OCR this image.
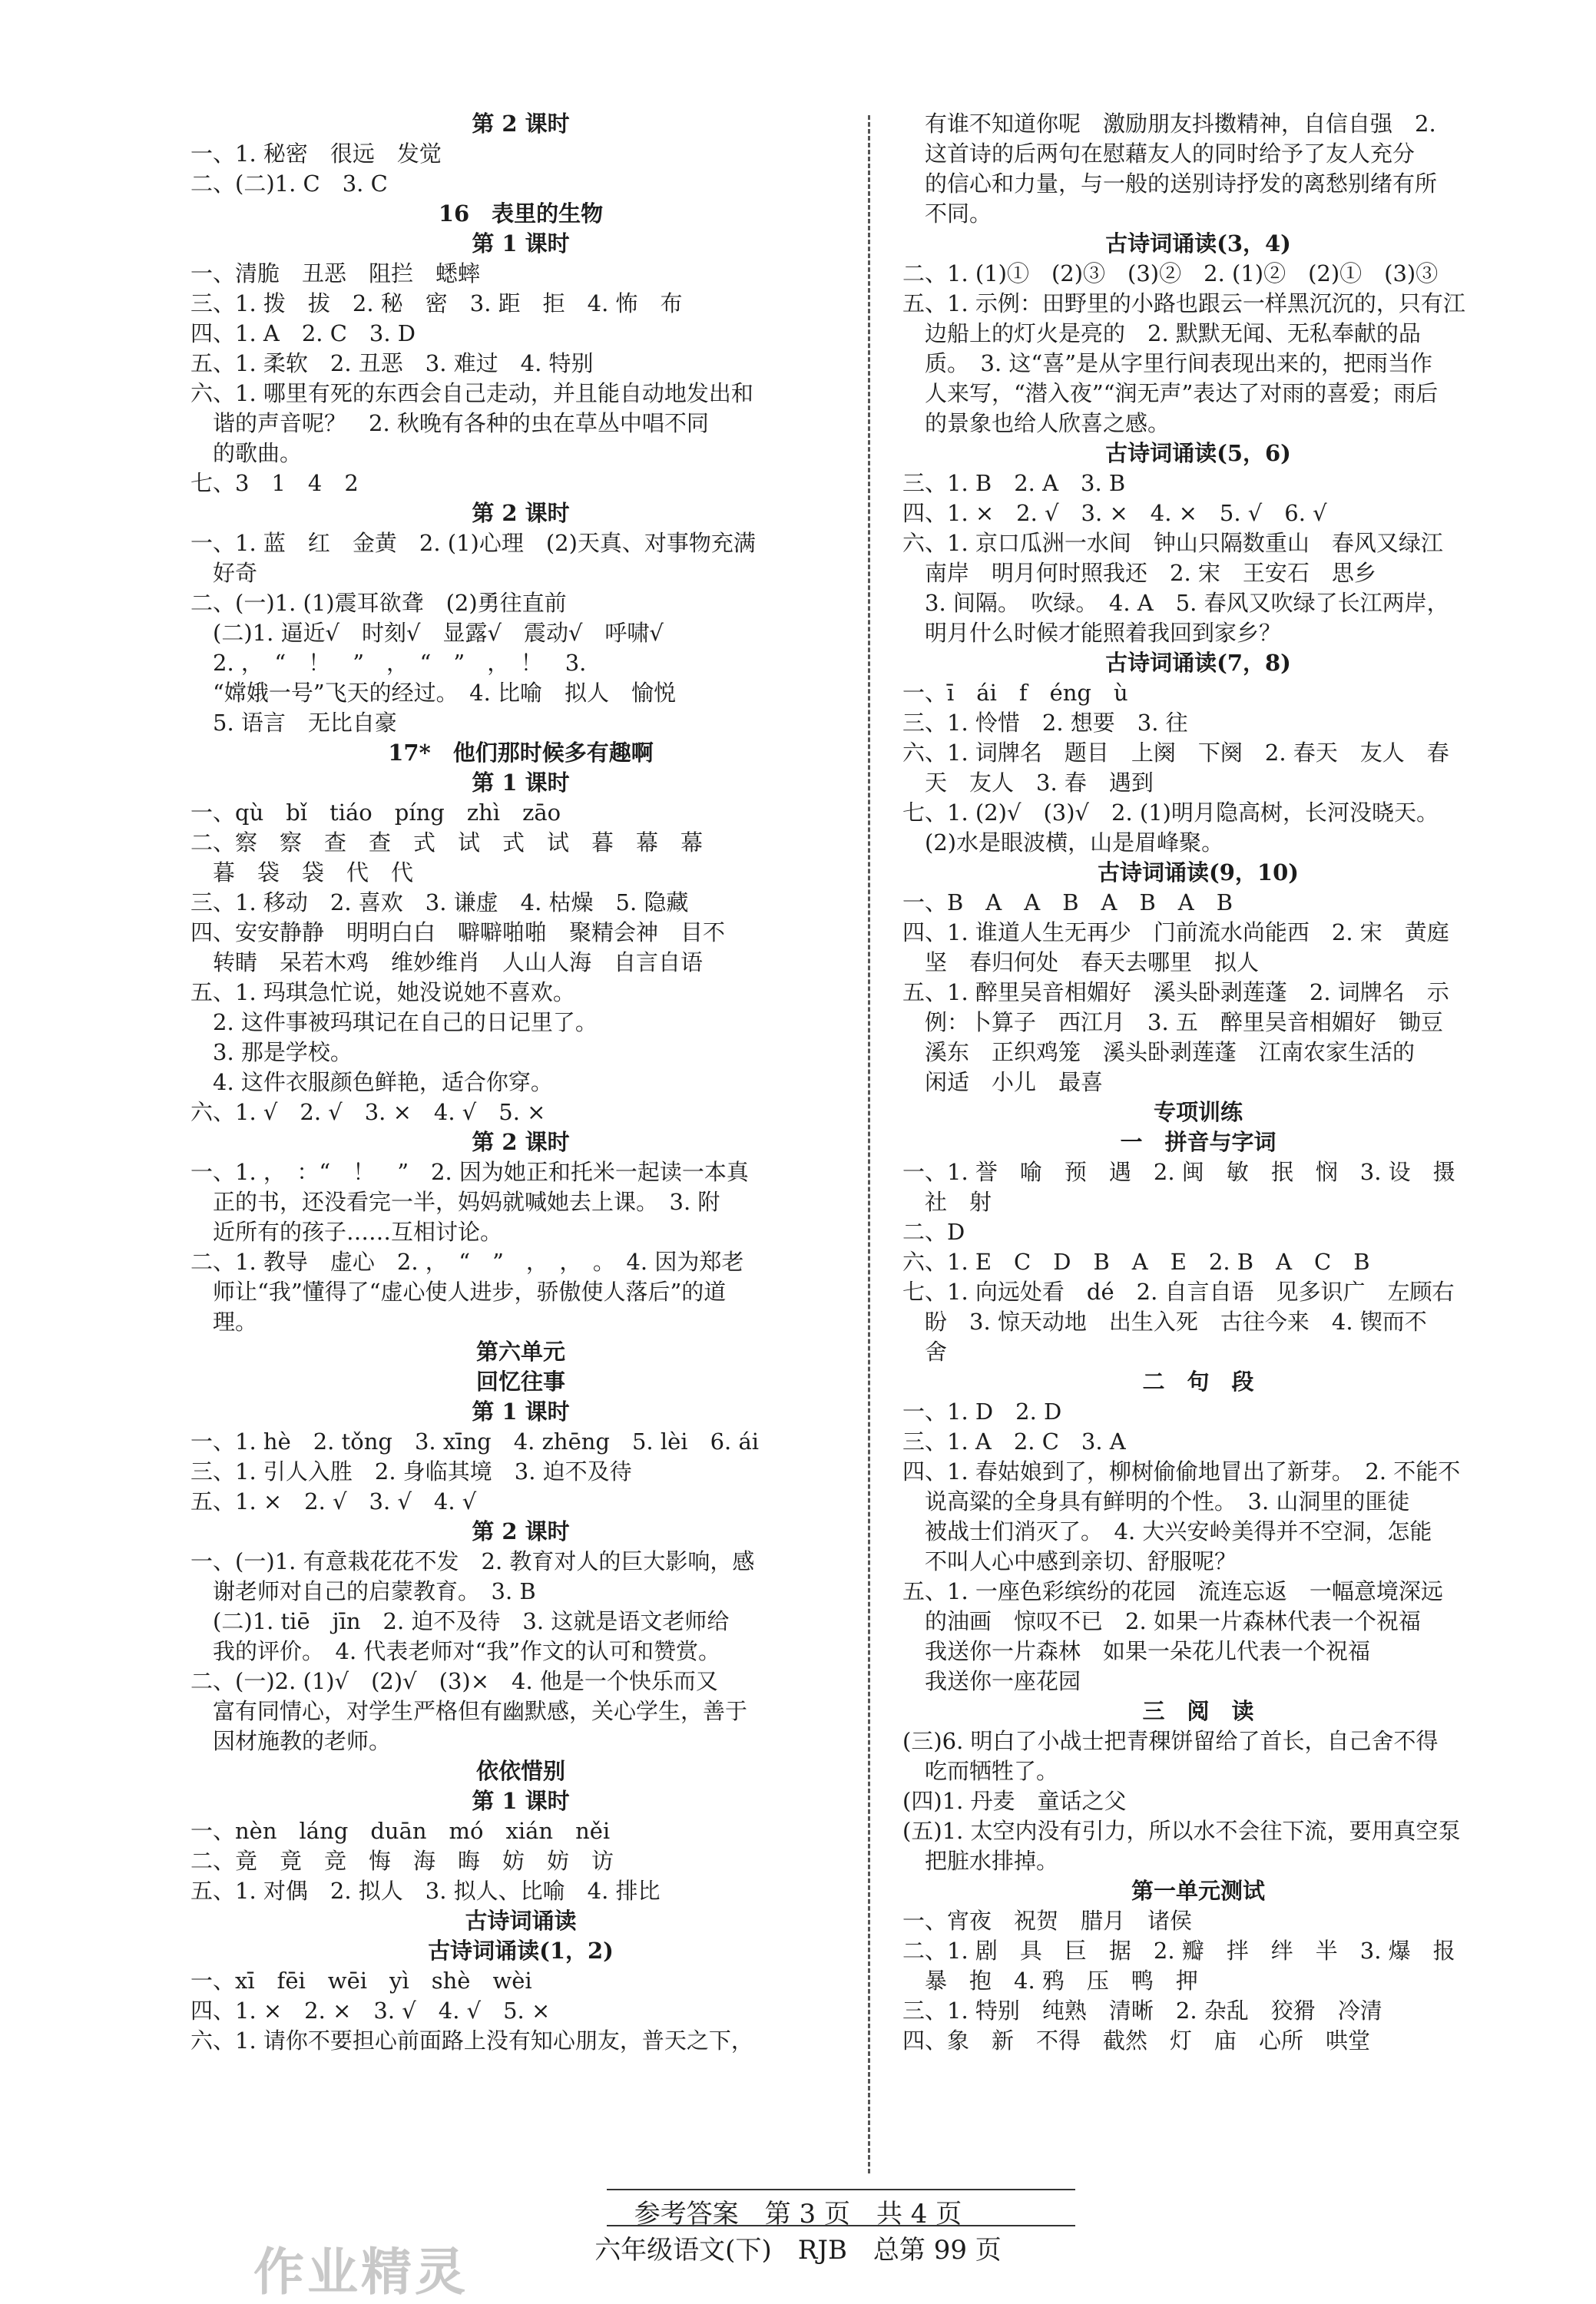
第 2 课时

一、1. 秘密　很远　发觉

二、(二)1. C　3. C

16　表里的生物

第 1 课时

一、清脆　丑恶　阻拦　蟋蟀

三、1. 拨　拔　2. 秘　密　3. 距　拒　4. 怖　布

四、1. A　2. C　3. D

五、1. 柔软　2. 丑恶　3. 难过　4. 特别

六、1. 哪里有死的东西会自己走动，并且能自动地发出和

　谐的声音呢？　2. 秋晚有各种的虫在草丛中唱不同

　的歌曲。

七、3　1　4　2

第 2 课时

一、1. 蓝　红　金黄　2. (1)心理　(2)天真、对事物充满

　好奇

二、(一)1. (1)震耳欲聋　(2)勇往直前

　(二)1. 逼近√　时刻√　显露√　震动√　呼啸√

　2. ，　“　！　”　，　“　”　，　！　3.

　“嫦娥一号”飞天的经过。　4. 比喻　拟人　愉悦

　5. 语言　无比自豪

17*　他们那时候多有趣啊

第 1 课时

一、qù　bǐ　tiáo　píng　zhì　zāo

二、察　察　查　查　式　试　式　试　暮　幕　幕

　暮　袋　袋　代　代

三、1. 移动　2. 喜欢　3. 谦虚　4. 枯燥　5. 隐藏

四、安安静静　明明白白　噼噼啪啪　聚精会神　目不

　转睛　呆若木鸡　维妙维肖　人山人海　自言自语

五、1. 玛琪急忙说，她没说她不喜欢。

　2. 这件事被玛琪记在自己的日记里了。

　3. 那是学校。

　4. 这件衣服颜色鲜艳，适合你穿。

六、1. √　2. √　3. ×　4. √　5. ×

第 2 课时

一、1. ，　：“　！　”　2. 因为她正和托米一起读一本真

　正的书，还没看完一半，妈妈就喊她去上课。　3. 附

　近所有的孩子……互相讨论。

二、1. 教导　虚心　2. ，　“　”　，　，　。　4. 因为郑老

　师让“我”懂得了“虚心使人进步，骄傲使人落后”的道

　理。

第六单元

回忆往事

第 1 课时

一、1. hè　2. tǒng　3. xīng　4. zhēng　5. lèi　6. ái

三、1. 引人入胜　2. 身临其境　3. 迫不及待

五、1. ×　2. √　3. √　4. √

第 2 课时

一、(一)1. 有意栽花花不发　2. 教育对人的巨大影响，感

　谢老师对自己的启蒙教育。　3. B

　(二)1. tiē　jīn　2. 迫不及待　3. 这就是语文老师给

　我的评价。　4. 代表老师对“我”作文的认可和赞赏。

二、(一)2. (1)√　(2)√　(3)×　4. 他是一个快乐而又

　富有同情心，对学生严格但有幽默感，关心学生，善于

　因材施教的老师。

依依惜别

第 1 课时

一、nèn　láng　duān　mó　xián　něi

二、竟　竟　竞　悔　海　晦　妨　妨　访

五、1. 对偶　2. 拟人　3. 拟人、比喻　4. 排比

古诗词诵读

古诗词诵读(1，2)

一、xī　fēi　wēi　yì　shè　wèi

四、1. ×　2. ×　3. √　4. √　5. ×

六、1. 请你不要担心前面路上没有知心朋友，普天之下，

　有谁不知道你呢　激励朋友抖擞精神，自信自强　2.

　这首诗的后两句在慰藉友人的同时给予了友人充分

　的信心和力量，与一般的送别诗抒发的离愁别绪有所

　不同。

古诗词诵读(3，4)

二、1. (1)①　(2)③　(3)②　2. (1)②　(2)①　(3)③

五、1. 示例：田野里的小路也跟云一样黑沉沉的，只有江

　边船上的灯火是亮的　2. 默默无闻、无私奉献的品

　质。　3. 这“喜”是从字里行间表现出来的，把雨当作

　人来写，“潜入夜”“润无声”表达了对雨的喜爱；雨后

　的景象也给人欣喜之感。

古诗词诵读(5，6)

三、1. B　2. A　3. B

四、1. ×　2. √　3. ×　4. ×　5. √　6. √

六、1. 京口瓜洲一水间　钟山只隔数重山　春风又绿江

　南岸　明月何时照我还　2. 宋　王安石　思乡

　3. 间隔。　吹绿。　4. A　5. 春风又吹绿了长江两岸，

　明月什么时候才能照着我回到家乡？

古诗词诵读(7，8)

一、ī　ái　f　éng　ù

三、1. 怜惜　2. 想要　3. 往

六、1. 词牌名　题目　上阕　下阕　2. 春天　友人　春

　天　友人　3. 春　遇到

七、1. (2)√　(3)√　2. (1)明月隐高树，长河没晓天。

　(2)水是眼波横，山是眉峰聚。

古诗词诵读(9，10)

一、B　A　A　B　A　B　A　B

四、1. 谁道人生无再少　门前流水尚能西　2. 宋　黄庭

　坚　春归何处　春天去哪里　拟人

五、1. 醉里吴音相媚好　溪头卧剥莲蓬　2. 词牌名　示

　例：卜算子　西江月　3. 五　醉里吴音相媚好　锄豆

　溪东　正织鸡笼　溪头卧剥莲蓬　江南农家生活的

　闲适　小儿　最喜

专项训练

一　拼音与字词

一、1. 誉　喻　预　遇　2. 闽　敏　抿　悯　3. 设　摄

　社　射

二、D

六、1. E　C　D　B　A　E　2. B　A　C　B

七、1. 向远处看　dé　2. 自言自语　见多识广　左顾右

　盼　3. 惊天动地　出生入死　古往今来　4. 锲而不

　舍

二　句　段

一、1. D　2. D

三、1. A　2. C　3. A

四、1. 春姑娘到了，柳树偷偷地冒出了新芽。　2. 不能不

　说高粱的全身具有鲜明的个性。　3. 山洞里的匪徒

　被战士们消灭了。　4. 大兴安岭美得并不空洞，怎能

　不叫人心中感到亲切、舒服呢？

五、1. 一座色彩缤纷的花园　流连忘返　一幅意境深远

　的油画　惊叹不已　2. 如果一片森林代表一个祝福

　我送你一片森林　如果一朵花儿代表一个祝福

　我送你一座花园

三　阅　读

(三)6. 明白了小战士把青稞饼留给了首长，自己舍不得

　吃而牺牲了。

(四)1. 丹麦　童话之父

(五)1. 太空内没有引力，所以水不会往下流，要用真空泵

　把脏水排掉。

第一单元测试

一、宵夜　祝贺　腊月　诸侯

二、1. 剧　具　巨　据　2. 瓣　拌　绊　半　3. 爆　报

　暴　抱　4. 鸦　压　鸭　押

三、1. 特别　纯熟　清晰　2. 杂乱　狡猾　冷清

四、象　新　不得　截然　灯　庙　心所　哄堂

参考答案　第 3 页　共 4 页
六年级语文(下)　RJB　总第 99 页
作业精灵
